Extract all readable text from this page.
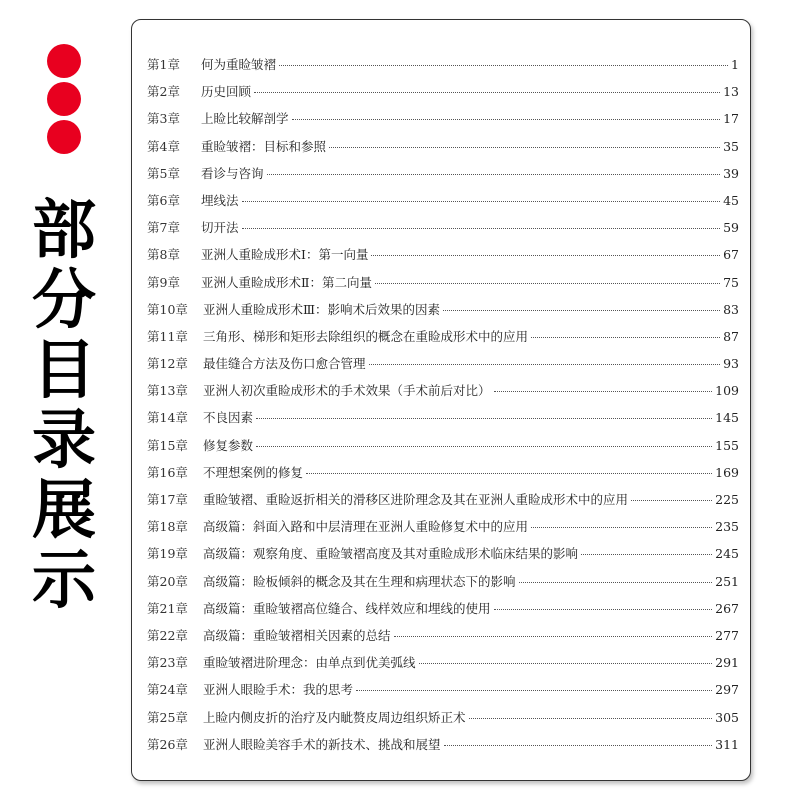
部分目录展示
第1章	何为重睑皱褶	1
第2章	历史回顾	13
第3章	上睑比较解剖学	17
第4章	重睑皱褶：目标和参照	35
第5章	看诊与咨询	39
第6章	埋线法	45
第7章	切开法	59
第8章	亚洲人重睑成形术Ⅰ：第一向量	67
第9章	亚洲人重睑成形术Ⅱ：第二向量	75
第10章	亚洲人重睑成形术Ⅲ：影响术后效果的因素	83
第11章	三角形、梯形和矩形去除组织的概念在重睑成形术中的应用	87
第12章	最佳缝合方法及伤口愈合管理	93
第13章	亚洲人初次重睑成形术的手术效果（手术前后对比）	109
第14章	不良因素	145
第15章	修复参数	155
第16章	不理想案例的修复	169
第17章	重睑皱褶、重睑返折相关的滑移区进阶理念及其在亚洲人重睑成形术中的应用	225
第18章	高级篇：斜面入路和中层清理在亚洲人重睑修复术中的应用	235
第19章	高级篇：观察角度、重睑皱褶高度及其对重睑成形术临床结果的影响	245
第20章	高级篇：睑板倾斜的概念及其在生理和病理状态下的影响	251
第21章	高级篇：重睑皱褶高位缝合、线样效应和埋线的使用	267
第22章	高级篇：重睑皱褶相关因素的总结	277
第23章	重睑皱褶进阶理念：由单点到优美弧线	291
第24章	亚洲人眼睑手术：我的思考	297
第25章	上睑内侧皮折的治疗及内眦赘皮周边组织矫正术	305
第26章	亚洲人眼睑美容手术的新技术、挑战和展望	311
